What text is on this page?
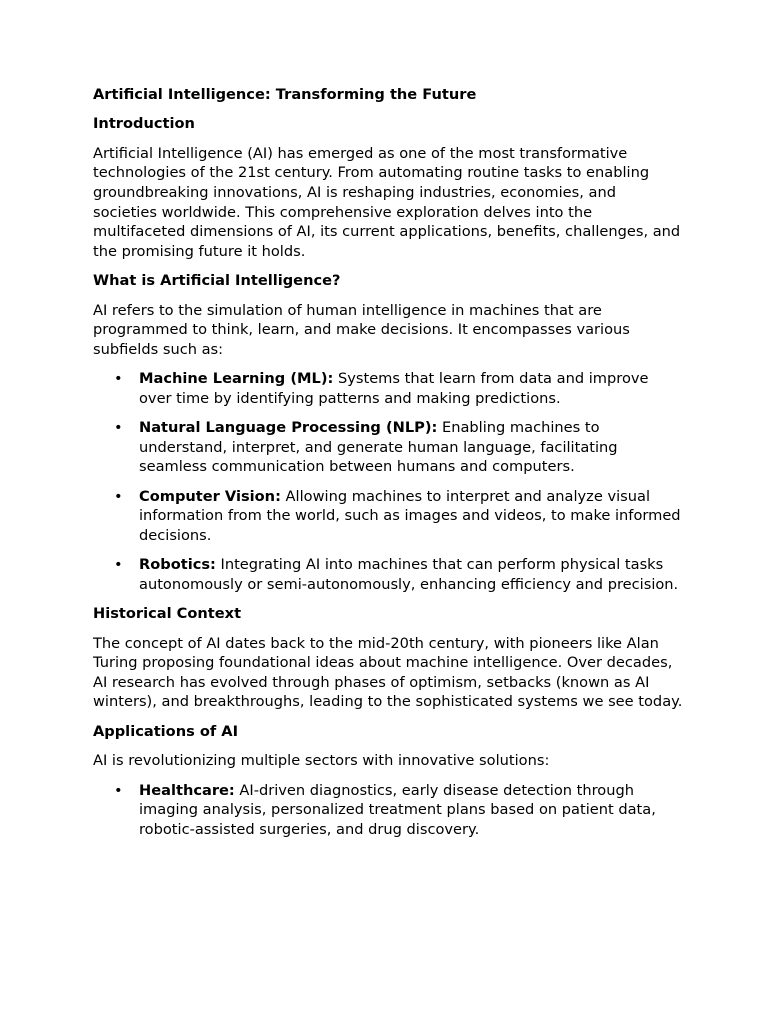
Artificial Intelligence: Transforming the Future
Introduction
Artificial Intelligence (AI) has emerged as one of the most transformative technologies of the 21st century. From automating routine tasks to enabling groundbreaking innovations, AI is reshaping industries, economies, and societies worldwide. This comprehensive exploration delves into the multifaceted dimensions of AI, its current applications, benefits, challenges, and the promising future it holds.
What is Artificial Intelligence?
AI refers to the simulation of human intelligence in machines that are programmed to think, learn, and make decisions. It encompasses various subfields such as:
• Machine Learning (ML): Systems that learn from data and improve over time by identifying patterns and making predictions.
• Natural Language Processing (NLP): Enabling machines to understand, interpret, and generate human language, facilitating seamless communication between humans and computers.
• Computer Vision: Allowing machines to interpret and analyze visual information from the world, such as images and videos, to make informed decisions.
• Robotics: Integrating AI into machines that can perform physical tasks autonomously or semi-autonomously, enhancing efficiency and precision.
Historical Context
The concept of AI dates back to the mid-20th century, with pioneers like Alan Turing proposing foundational ideas about machine intelligence. Over decades, AI research has evolved through phases of optimism, setbacks (known as AI winters), and breakthroughs, leading to the sophisticated systems we see today.
Applications of AI
AI is revolutionizing multiple sectors with innovative solutions:
• Healthcare: AI-driven diagnostics, early disease detection through imaging analysis, personalized treatment plans based on patient data, robotic-assisted surgeries, and drug discovery.
